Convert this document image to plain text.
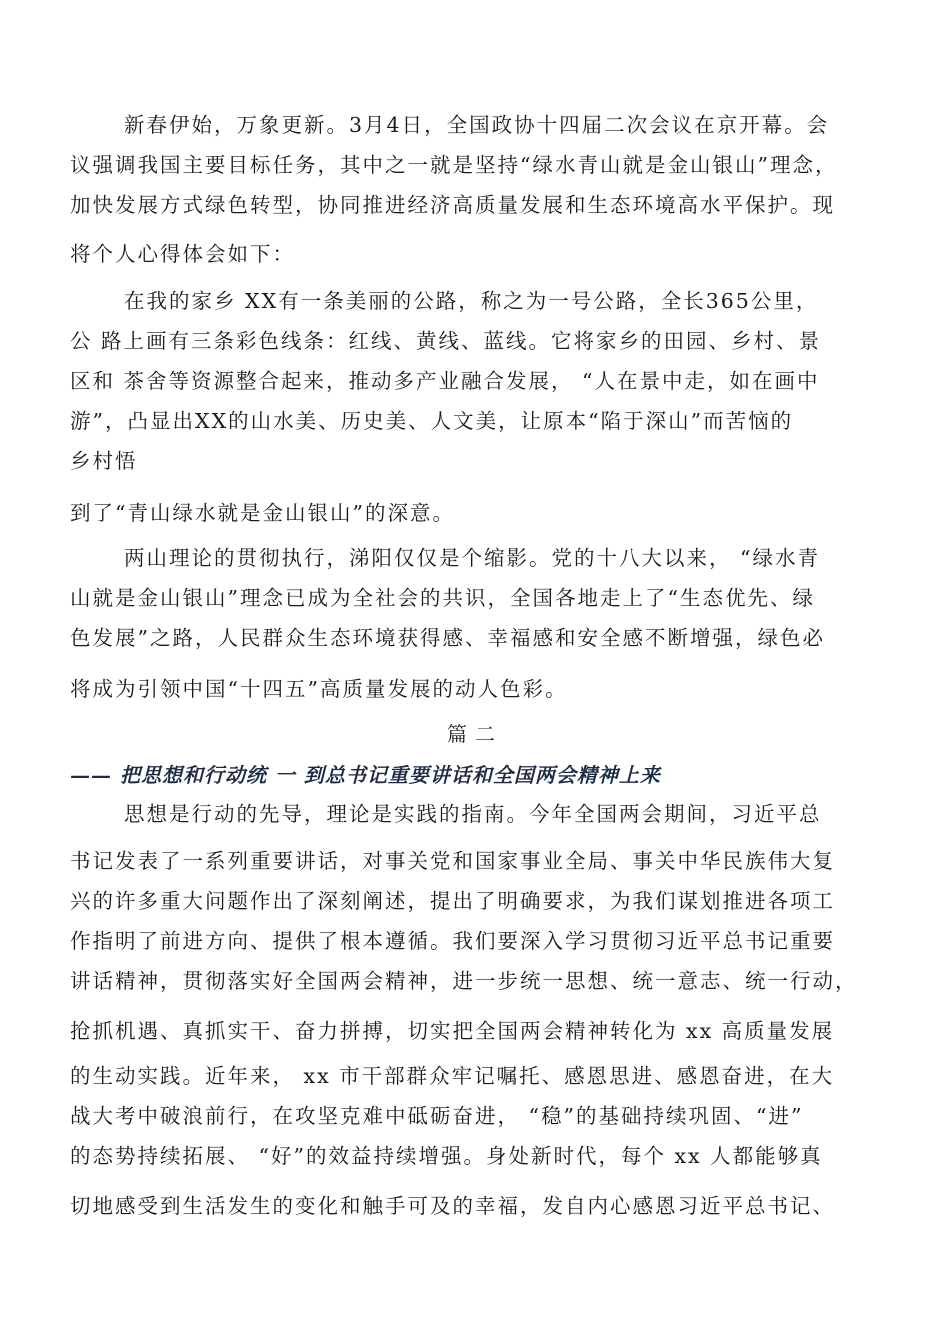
新春伊始，万象更新。3月4日，全国政协十四届二次会议在京开幕。会
议强调我国主要目标任务，其中之一就是坚持“绿水青山就是金山银山”理念，
加快发展方式绿色转型，协同推进经济高质量发展和生态环境高水平保护。现
将个人心得体会如下：
在我的家乡 XX有一条美丽的公路，称之为一号公路，全长365公里，
公 路上画有三条彩色线条：红线、黄线、蓝线。它将家乡的田园、乡村、景
区和 茶舍等资源整合起来，推动多产业融合发展， “人在景中走，如在画中
游”，凸显出XX的山水美、历史美、人文美，让原本“陷于深山”而苦恼的
乡村悟
到了“青山绿水就是金山银山”的深意。
两山理论的贯彻执行，涕阳仅仅是个缩影。党的十八大以来， “绿水青
山就是金山银山”理念已成为全社会的共识，全国各地走上了“生态优先、绿
色发展”之路，人民群众生态环境获得感、幸福感和安全感不断增强，绿色必
将成为引领中国“十四五”高质量发展的动人色彩。
篇二
—— 把思想和行动统 一 到总书记重要讲话和全国两会精神上来
思想是行动的先导，理论是实践的指南。今年全国两会期间，习近平总
书记发表了一系列重要讲话，对事关党和国家事业全局、事关中华民族伟大复
兴的许多重大问题作出了深刻阐述，提出了明确要求，为我们谋划推进各项工
作指明了前进方向、提供了根本遵循。我们要深入学习贯彻习近平总书记重要
讲话精神，贯彻落实好全国两会精神，进一步统一思想、统一意志、统一行动，
抢抓机遇、真抓实干、奋力拼搏，切实把全国两会精神转化为 xx 高质量发展
的生动实践。近年来， xx 市干部群众牢记嘱托、感恩思进、感恩奋进，在大
战大考中破浪前行，在攻坚克难中砥砺奋进， “稳”的基础持续巩固、“进”
的态势持续拓展、 “好”的效益持续增强。身处新时代，每个 xx 人都能够真
切地感受到生活发生的变化和触手可及的幸福，发自内心感恩习近平总书记、
